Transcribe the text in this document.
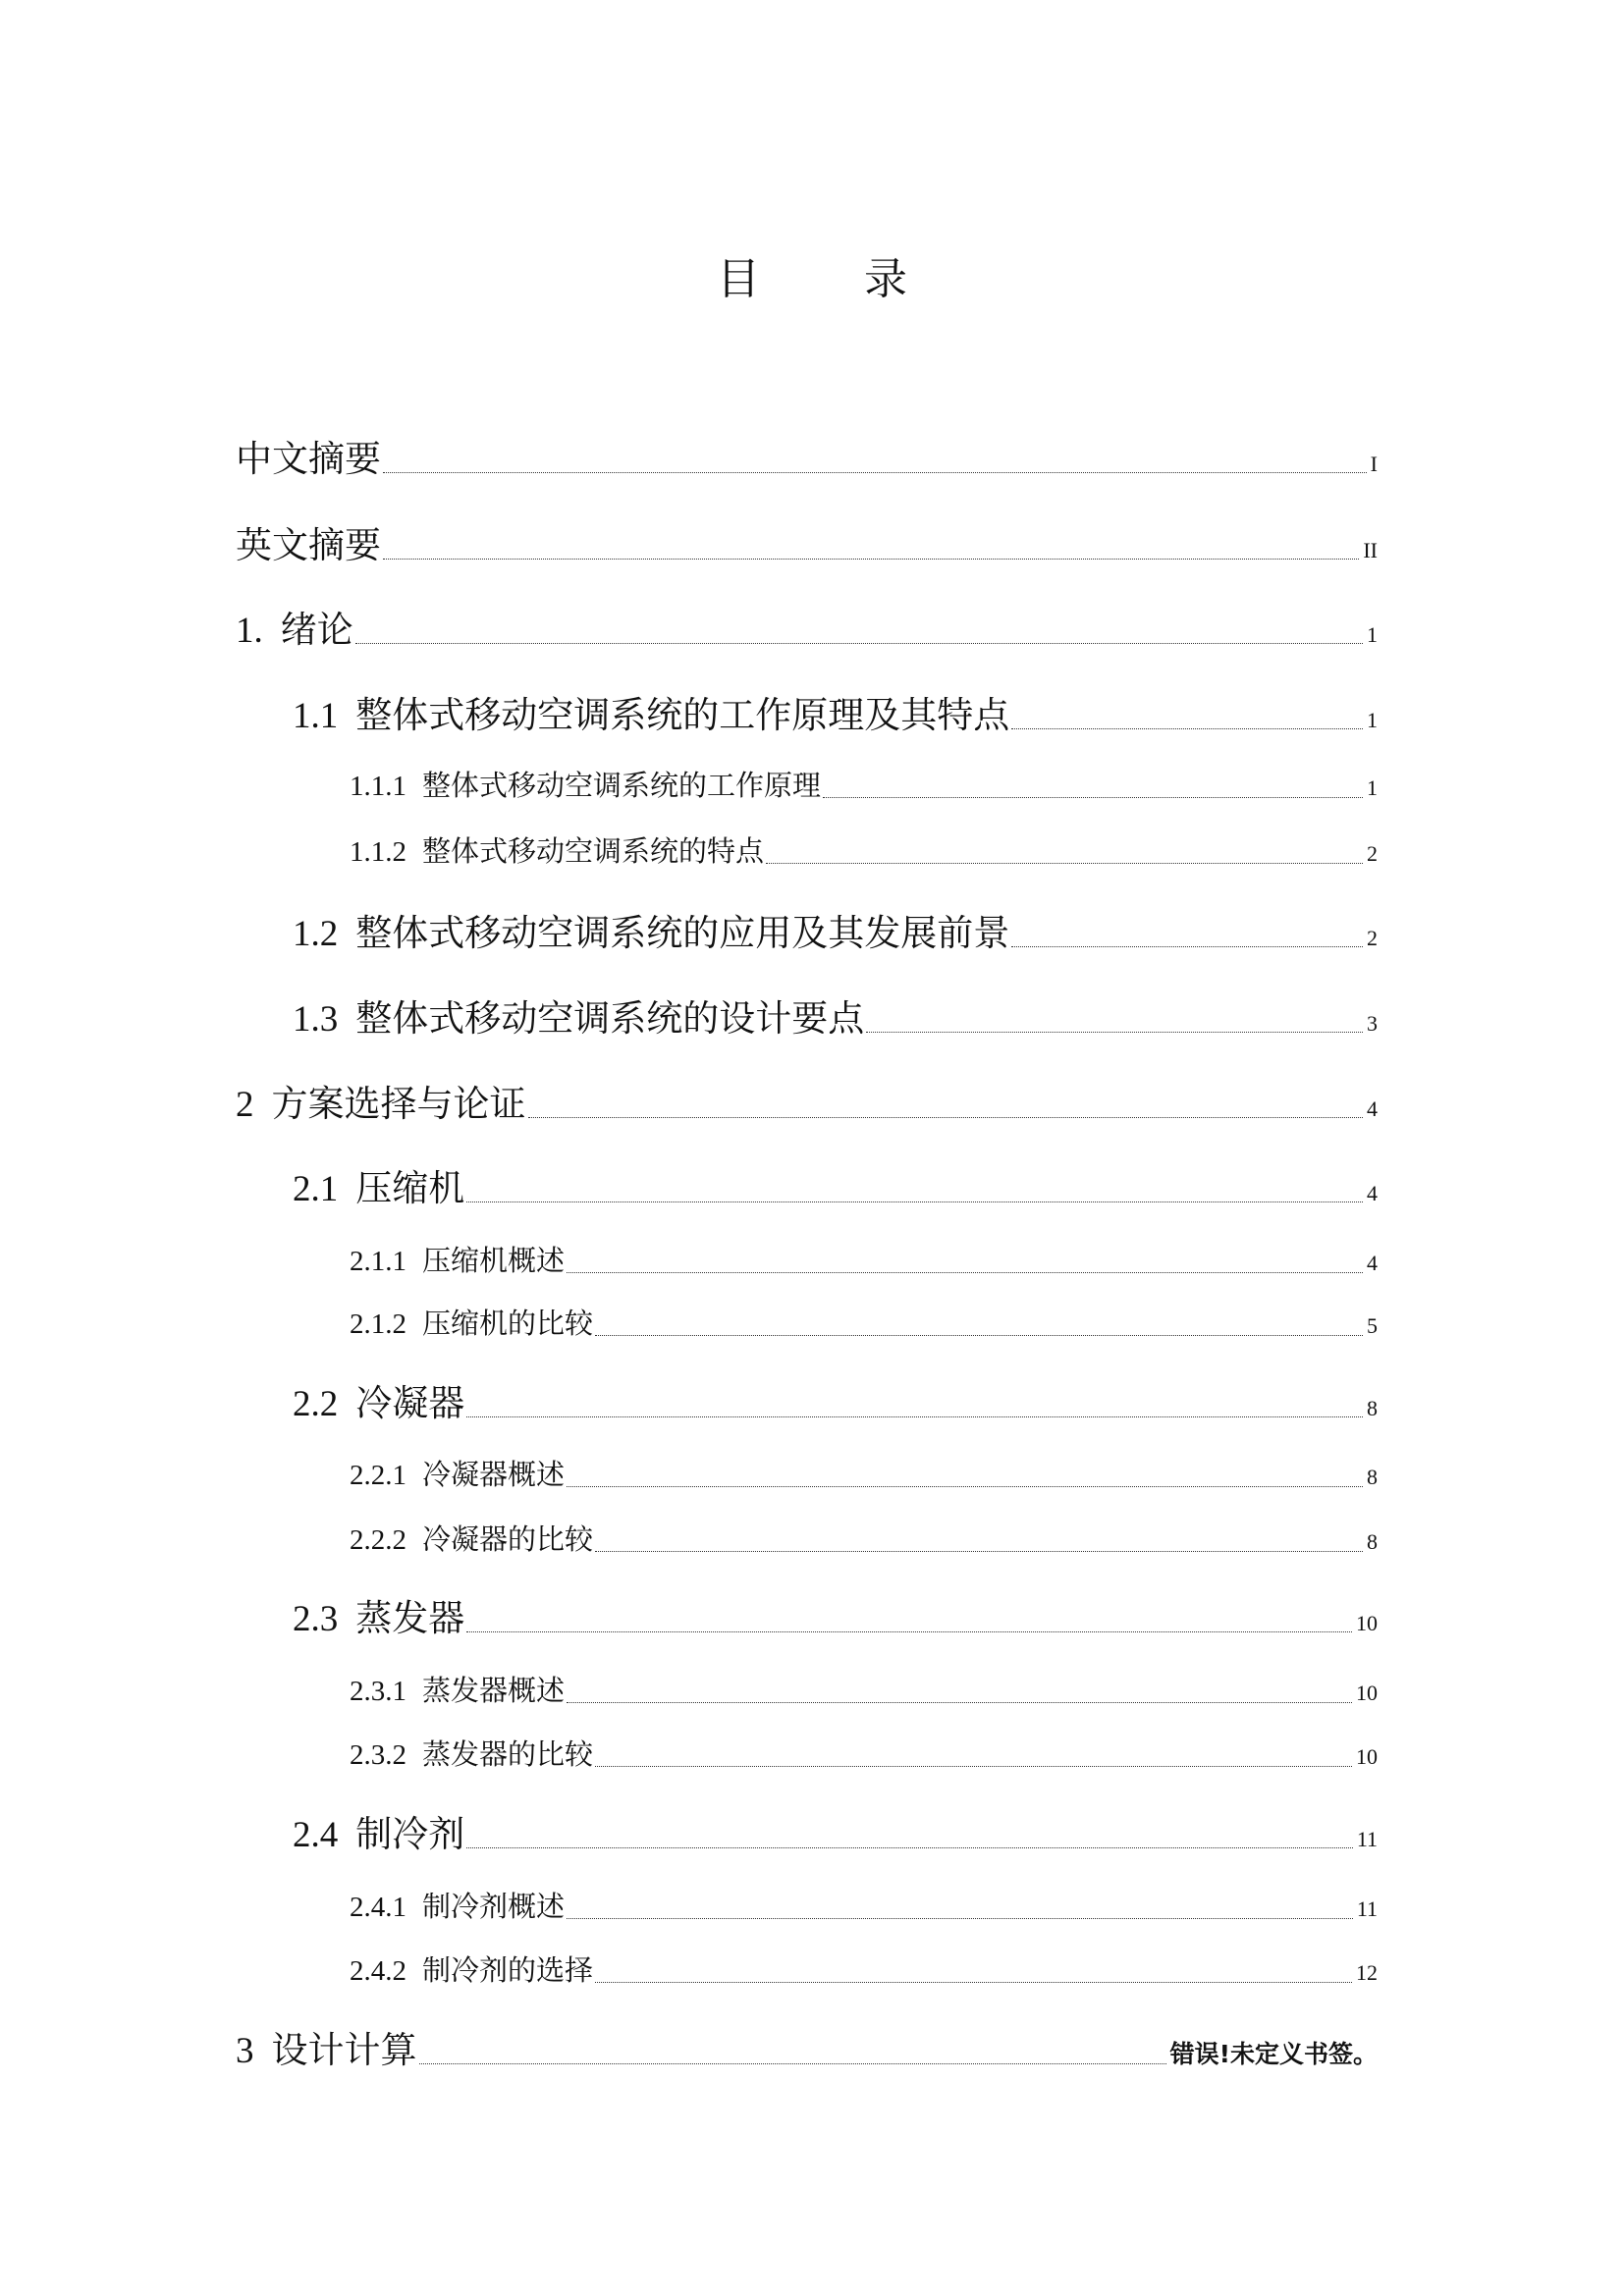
目 录
中文摘要	I
英文摘要	II
1. 绪论	1
1.1 整体式移动空调系统的工作原理及其特点	1
1.1.1 整体式移动空调系统的工作原理	1
1.1.2 整体式移动空调系统的特点	2
1.2 整体式移动空调系统的应用及其发展前景	2
1.3 整体式移动空调系统的设计要点	3
2 方案选择与论证	4
2.1 压缩机	4
2.1.1 压缩机概述	4
2.1.2 压缩机的比较	5
2.2 冷凝器	8
2.2.1 冷凝器概述	8
2.2.2 冷凝器的比较	8
2.3 蒸发器	10
2.3.1 蒸发器概述	10
2.3.2 蒸发器的比较	10
2.4 制冷剂	11
2.4.1 制冷剂概述	11
2.4.2 制冷剂的选择	12
3 设计计算	错误!未定义书签。
